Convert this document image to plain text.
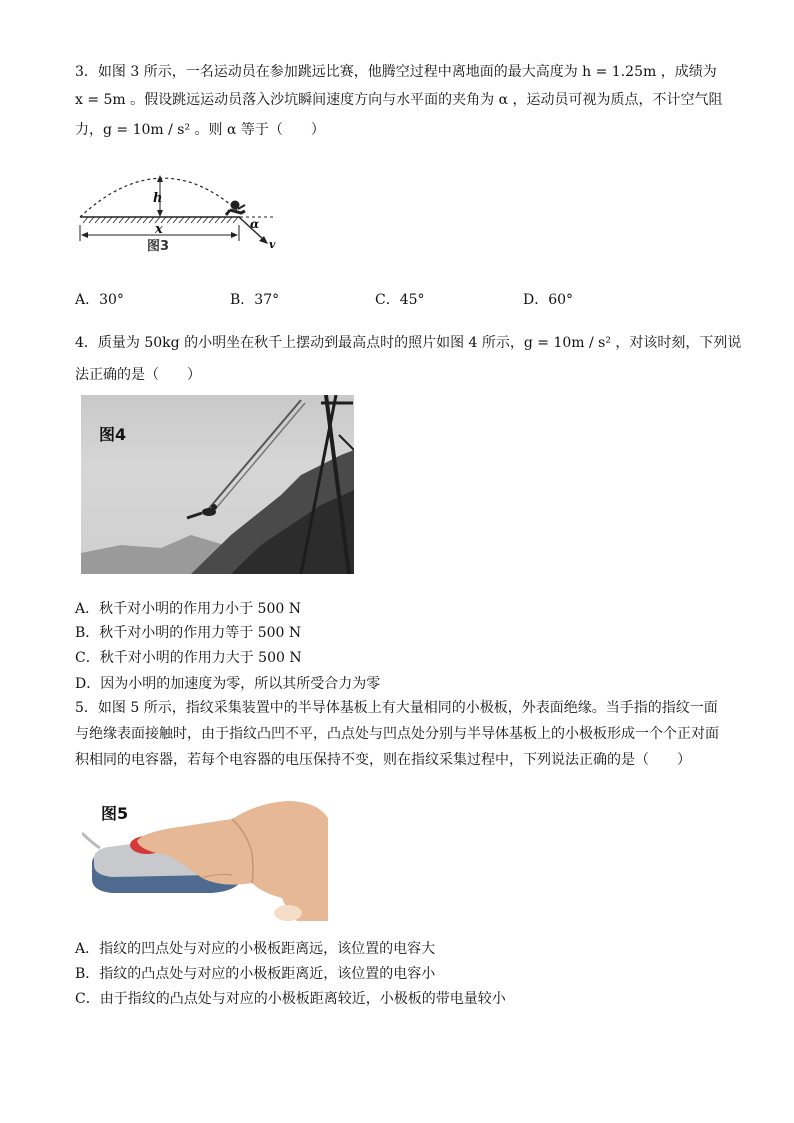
3．如图 3 所示，一名运动员在参加跳远比赛，他腾空过程中离地面的最大高度为 h = 1.25m ，成绩为
x = 5m 。假设跳远运动员落入沙坑瞬间速度方向与水平面的夹角为 α ，运动员可视为质点，不计空气阻
力，g = 10m / s² 。则 α 等于（　　）
h
x
图3
α
v
A．30°	B．37°	C．45°	D．60°
4．质量为 50kg 的小明坐在秋千上摆动到最高点时的照片如图 4 所示，g = 10m / s² ，对该时刻，下列说
法正确的是（　　）
图4
A．秋千对小明的作用力小于 500 N
B．秋千对小明的作用力等于 500 N
C．秋千对小明的作用力大于 500 N
D．因为小明的加速度为零，所以其所受合力为零
5．如图 5 所示，指纹采集装置中的半导体基板上有大量相同的小极板，外表面绝缘。当手指的指纹一面
与绝缘表面接触时，由于指纹凸凹不平，凸点处与凹点处分别与半导体基板上的小极板形成一个个正对面
积相同的电容器，若每个电容器的电压保持不变，则在指纹采集过程中，下列说法正确的是（　　）
图5
A．指纹的凹点处与对应的小极板距离远，该位置的电容大
B．指纹的凸点处与对应的小极板距离近，该位置的电容小
C．由于指纹的凸点处与对应的小极板距离较近，小极板的带电量较小
